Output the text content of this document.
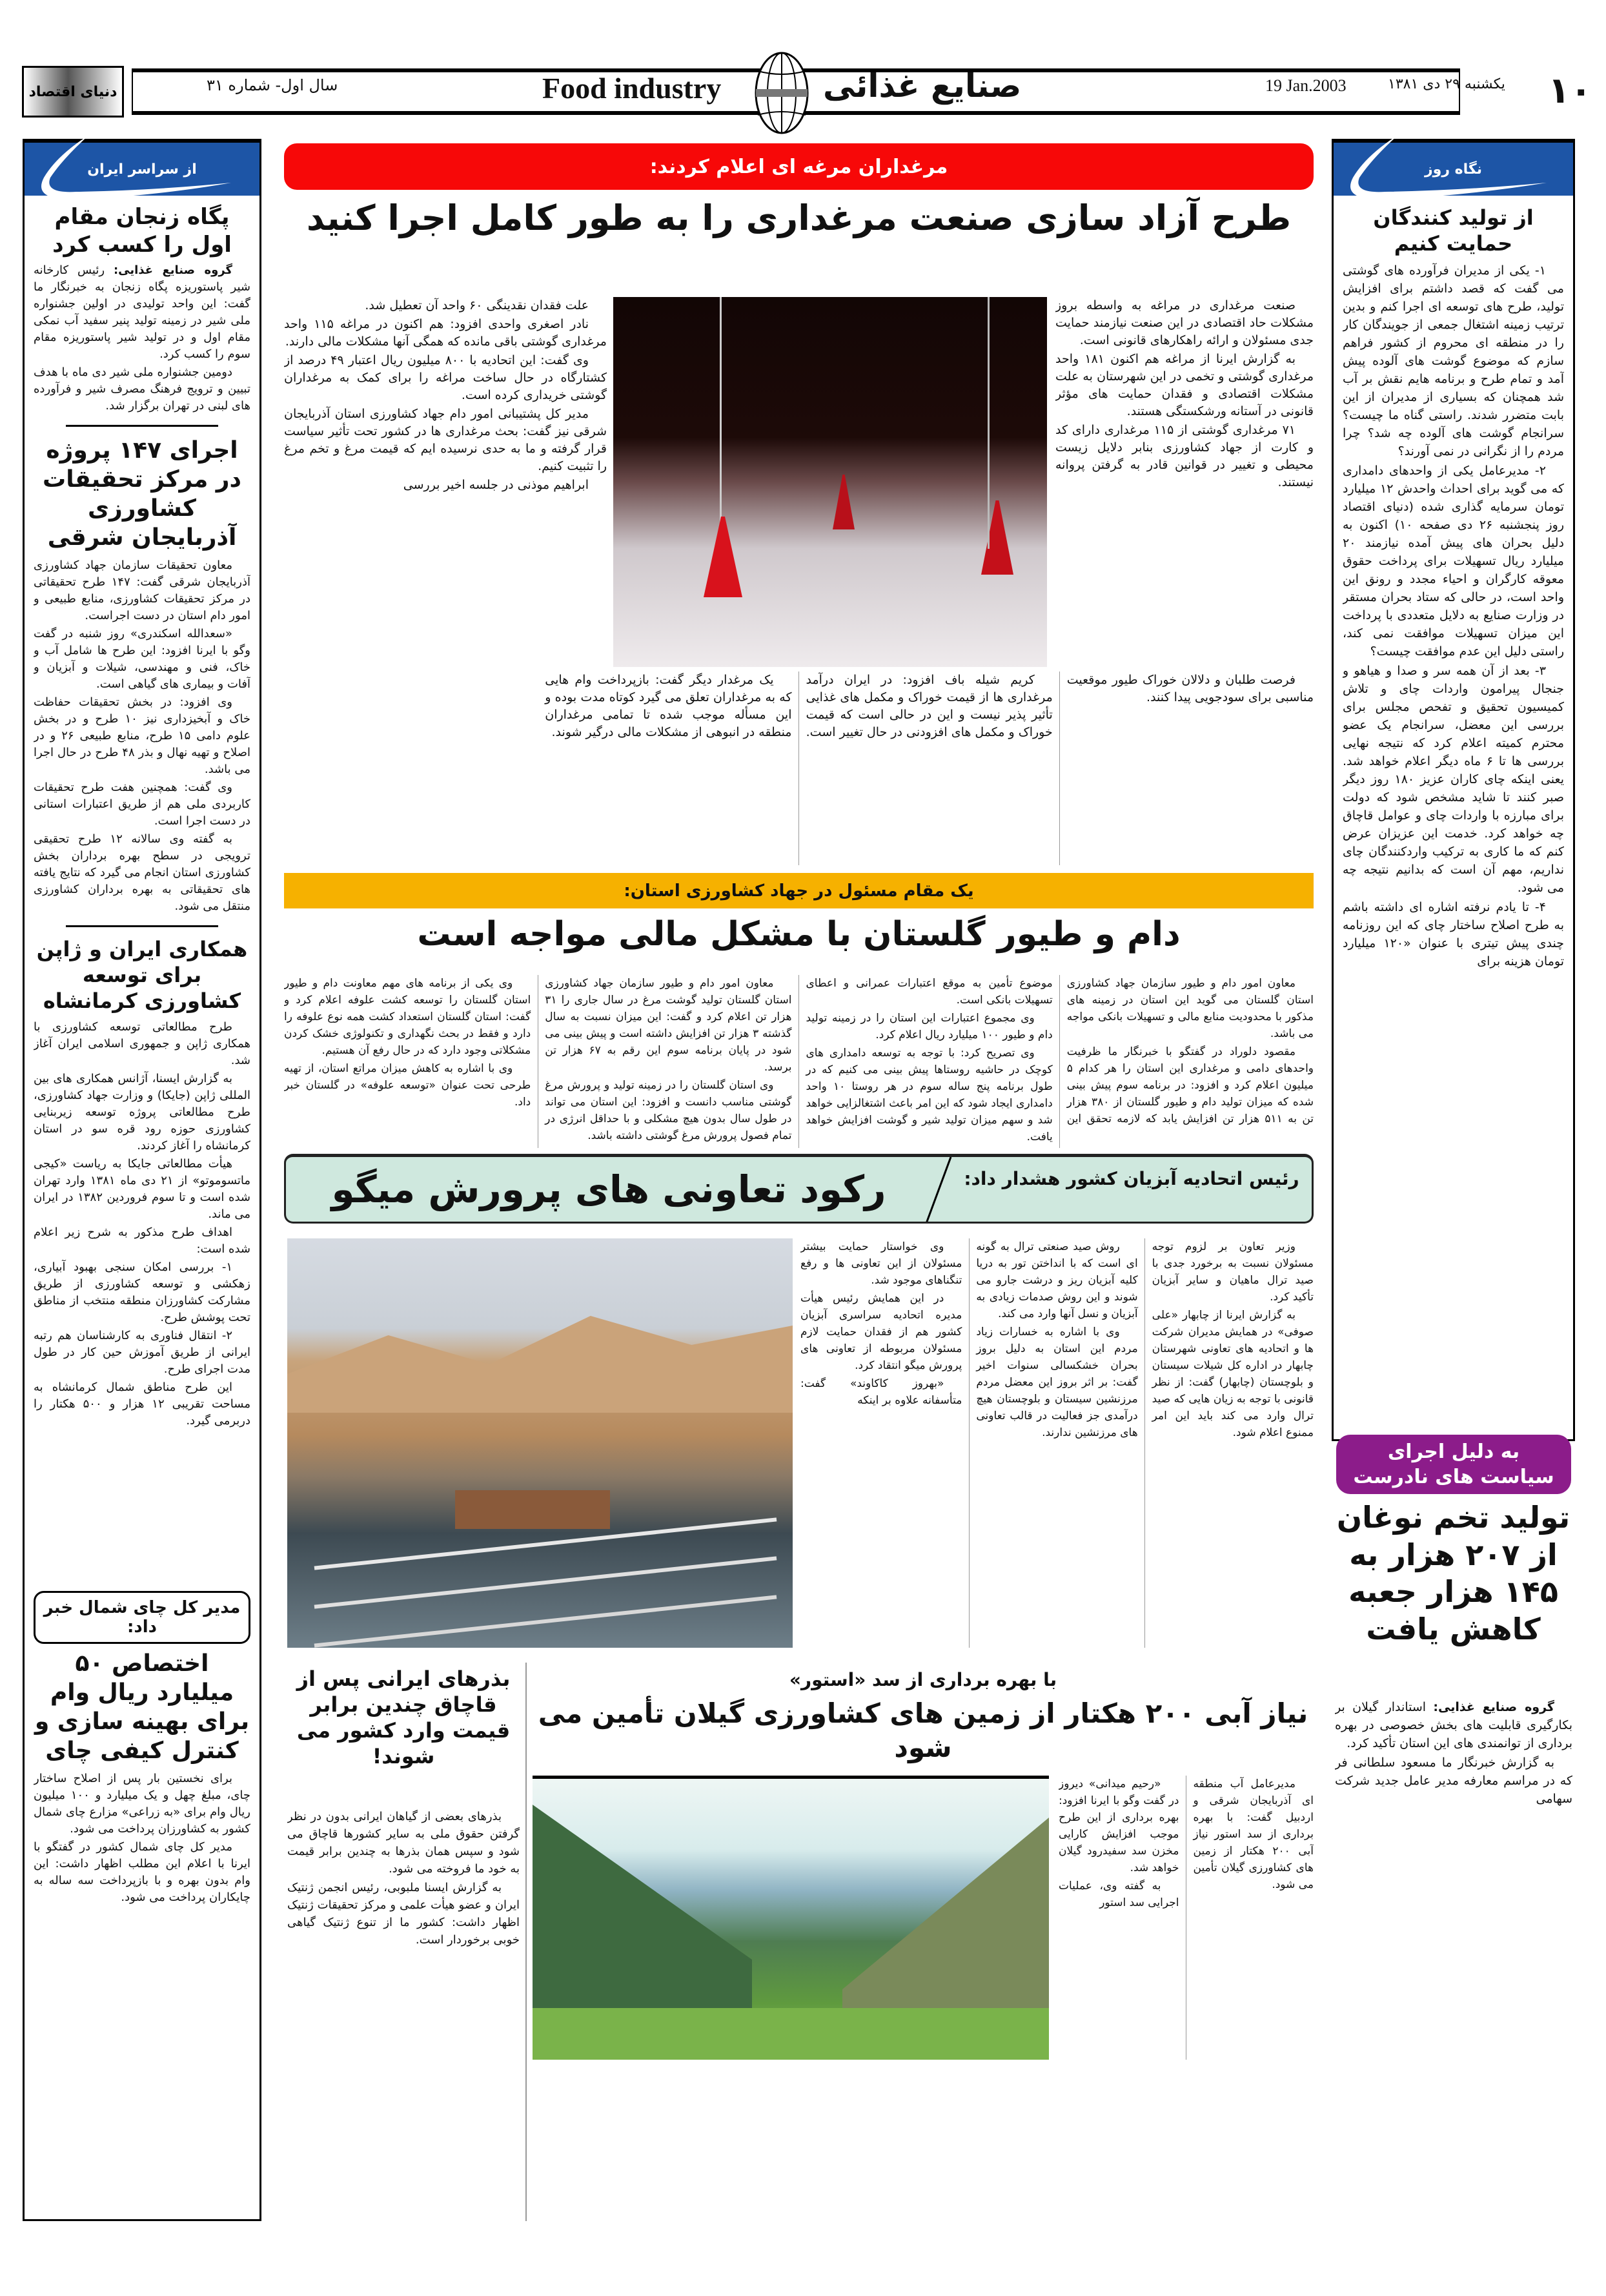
دنیای اقتصاد	سال اول- شماره ۳۱	Food industry	صنایع غذائی	19 Jan.2003	یکشنبه ۲۹ دی ۱۳۸۱ ۱۰
از سراسر ایران
پگاه زنجان مقام اول را کسب کرد

گروه صنایع غذایی: رئیس کارخانه شیر پاستوریزه پگاه زنجان به خبرنگار ما گفت: این واحد تولیدی در اولین جشنواره ملی شیر در زمینه تولید پنیر سفید آب نمکی مقام اول و در تولید شیر پاستوریزه مقام سوم را کسب کرد.

دومین جشنواره ملی شیر دی ماه با هدف تبیین و ترویج فرهنگ مصرف شیر و فرآورده های لبنی در تهران برگزار شد.

اجرای ۱۴۷ پروژه در مرکز تحقیقات کشاورزی آذربایجان شرقی

معاون تحقیقات سازمان جهاد کشاورزی آذربایجان شرقی گفت: ۱۴۷ طرح تحقیقاتی در مرکز تحقیقات کشاورزی، منابع طبیعی و امور دام استان در دست اجراست.

«سعدالله اسکندری» روز شنبه در گفت وگو با ایرنا افزود: این طرح ها شامل آب و خاک، فنی و مهندسی، شیلات و آبزیان و آفات و بیماری های گیاهی است.

وی افزود: در بخش تحقیقات حفاظت خاک و آبخیزداری نیز ۱۰ طرح و در بخش علوم دامی ۱۵ طرح، منابع طبیعی ۲۶ و در اصلاح و تهیه نهال و بذر ۴۸ طرح در حال اجرا می باشد.

وی گفت: همچنین هفت طرح تحقیقات کاربردی ملی هم از طریق اعتبارات استانی در دست اجرا است.

به گفته وی سالانه ۱۲ طرح تحقیقی ترویجی در سطح بهره برداران بخش کشاورزی استان انجام می گیرد که نتایج یافته های تحقیقاتی به بهره برداران کشاورزی منتقل می شود.

همکاری ایران و ژاپن برای توسعه کشاورزی کرمانشاه

طرح مطالعاتی توسعه کشاورزی با همکاری ژاپن و جمهوری اسلامی ایران آغاز شد.

به گزارش ایسنا، آژانس همکاری های بین المللی ژاپن (جایکا) و وزارت جهاد کشاورزی، طرح مطالعاتی پروژه توسعه زیربنایی کشاورزی حوزه رود قره سو در استان کرمانشاه را آغاز کردند.

هیأت مطالعاتی جایکا به ریاست «کیجی ماتسوموتو» از ۲۱ دی ماه ۱۳۸۱ وارد تهران شده است و تا سوم فروردین ۱۳۸۲ در ایران می ماند.

اهداف طرح مذکور به شرح زیر اعلام شده است:

۱- بررسی امکان سنجی بهبود آبیاری، زهکشی و توسعه کشاورزی از طریق مشارکت کشاورزان منطقه منتخب از مناطق تحت پوشش طرح.

۲- انتقال فناوری به کارشناسان هم رتبه ایرانی از طریق آموزش حین کار در طول مدت اجرای طرح.

این طرح مناطق شمال کرمانشاه به مساحت تقریبی ۱۲ هزار و ۵۰۰ هکتار را دربرمی گیرد.

مدیر کل چای شمال خبر داد:
اختصاص ۵۰ میلیارد ریال وام برای بهینه سازی و کنترل کیفی چای

برای نخستین بار پس از اصلاح ساختار چای، مبلغ چهل و یک میلیارد و ۱۰۰ میلیون ریال وام برای «به زراعی» مزارع چای شمال کشور به کشاورزان پرداخت می شود.

مدیر کل چای شمال کشور در گفتگو با ایرنا با اعلام این مطلب اظهار داشت: این وام بدون بهره و با بازپرداخت سه ساله به چایکاران پرداخت می شود.

نگاه روز
از تولید کنندگان حمایت کنیم

۱- یکی از مدیران فرآورده های گوشتی می گفت که قصد داشتم برای افزایش تولید، طرح های توسعه ای اجرا کنم و بدین ترتیب زمینه اشتغال جمعی از جویندگان کار را در منطقه ای محروم از کشور فراهم سازم که موضوع گوشت های آلوده پیش آمد و تمام طرح و برنامه هایم نقش بر آب شد همچنان که بسیاری از مدیران از این بابت متضرر شدند. راستی گناه ما چیست؟ سرانجام گوشت های آلوده چه شد؟ چرا مردم را از نگرانی در نمی آورند؟

۲- مدیرعامل یکی از واحدهای دامداری که می گوید برای احداث واحدش ۱۲ میلیارد تومان سرمایه گذاری شده (دنیای اقتصاد روز پنجشنبه ۲۶ دی صفحه ۱۰) اکنون به دلیل بحران های پیش آمده نیازمند ۲۰ میلیارد ریال تسهیلات برای پرداخت حقوق معوقه کارگران و احیاء مجدد و رونق این واحد است، در حالی که ستاد بحران مستقر در وزارت صنایع به دلایل متعددی با پرداخت این میزان تسهیلات موافقت نمی کند، راستی دلیل این عدم موافقت چیست؟

۳- بعد از آن همه سر و صدا و هیاهو و جنجال پیرامون واردات چای و تلاش کمیسیون تحقیق و تفحص مجلس برای بررسی این معضل، سرانجام یک عضو محترم کمیته اعلام کرد که نتیجه نهایی بررسی ها تا ۶ ماه دیگر اعلام خواهد شد. یعنی اینکه چای کاران عزیز ۱۸۰ روز دیگر صبر کنند تا شاید مشخص شود که دولت برای مبارزه با واردات چای و عوامل قاچاق چه خواهد کرد. خدمت این عزیزان عرض کنم که ما کاری به ترکیب واردکنندگان چای نداریم، مهم آن است که بدانیم نتیجه چه می شود.

۴- تا یادم نرفته اشاره ای داشته باشم به طرح اصلاح ساختار چای که این روزنامه چندی پیش تیتری با عنوان «۱۲۰ میلیارد تومان هزینه برای

به دلیل اجرای سیاست های نادرست
تولید تخم نوغان از ۲۰۷ هزار به ۱۴۵ هزار جعبه کاهش یافت

گروه صنایع غذایی: استاندار گیلان بر بکارگیری قابلیت های بخش خصوصی در بهره برداری از توانمندی های این استان تأکید کرد.

به گزارش خبرنگار ما مسعود سلطانی فر که در مراسم معارفه مدیر عامل جدید شرکت سهامی

مرغداران مرغه ای اعلام کردند:
طرح آزاد سازی صنعت مرغداری را به طور کامل اجرا کنید

صنعت مرغداری در مراغه به واسطه بروز مشکلات حاد اقتصادی در این صنعت نیازمند حمایت جدی مسئولان و ارائه راهکارهای قانونی است.

به گزارش ایرنا از مراغه هم اکنون ۱۸۱ واحد مرغداری گوشتی و تخمی در این شهرستان به علت مشکلات اقتصادی و فقدان حمایت های مؤثر قانونی در آستانه ورشکستگی هستند.

۷۱ مرغداری گوشتی از ۱۱۵ مرغداری دارای کد و کارت از جهاد کشاورزی بنابر دلایل زیست محیطی و تغییر در قوانین قادر به گرفتن پروانه نیستند.

علت فقدان نقدینگی ۶۰ واحد آن تعطیل شد.

نادر اصغری واحدی افزود: هم اکنون در مراغه ۱۱۵ واحد مرغداری گوشتی باقی مانده که همگی آنها مشکلات مالی دارند.

وی گفت: این اتحادیه با ۸۰۰ میلیون ریال اعتبار ۴۹ درصد از کشتارگاه در حال ساخت مراغه را برای کمک به مرغداران گوشتی خریداری کرده است.

مدیر کل پشتیبانی امور دام جهاد کشاورزی استان آذربایجان شرقی نیز گفت: بحث مرغداری ها در کشور تحت تأثیر سیاست قرار گرفته و ما به حدی نرسیده ایم که قیمت مرغ و تخم مرغ را تثبیت کنیم.

ابراهیم موذنی در جلسه اخیر بررسی

فرصت طلبان و دلالان خوراک طیور موقعیت مناسبی برای سودجویی پیدا کنند.

کریم شیله باف افزود: در ایران درآمد مرغداری ها از قیمت خوراک و مکمل های غذایی تأثیر پذیر نیست و این در حالی است که قیمت خوراک و مکمل های افزودنی در حال تغییر است.

یک مرغدار دیگر گفت: بازپرداخت وام هایی که به مرغداران تعلق می گیرد کوتاه مدت بوده و این مسأله موجب شده تا تمامی مرغداران منطقه در انبوهی از مشکلات مالی درگیر شوند.

یک مقام مسئول در جهاد کشاورزی استان:
دام و طیور گلستان با مشکل مالی مواجه است

معاون امور دام و طیور سازمان جهاد کشاورزی استان گلستان می گوید این استان در زمینه های مذکور با محدودیت منابع مالی و تسهیلات بانکی مواجه می باشد.

مقصود دلوراد در گفتگو با خبرنگار ما ظرفیت واحدهای دامی و مرغداری این استان را هر کدام ۵ میلیون اعلام کرد و افزود: در برنامه سوم پیش بینی شده که میزان تولید دام و طیور گلستان از ۳۸۰ هزار تن به ۵۱۱ هزار تن افزایش یابد که لازمه تحقق این موضوع تأمین به موقع اعتبارات عمرانی و اعطای تسهیلات بانکی است.

وی مجموع اعتبارات این استان را در زمینه تولید دام و طیور ۱۰۰ میلیارد ریال اعلام کرد.

وی تصریح کرد: با توجه به توسعه دامداری های کوچک در حاشیه روستاها پیش بینی می کنیم که در طول برنامه پنج ساله سوم در هر روستا ۱۰ واحد دامداری ایجاد شود که این امر باعث اشتغالزایی خواهد شد و سهم میزان تولید شیر و گوشت افزایش خواهد یافت.

معاون امور دام و طیور سازمان جهاد کشاورزی استان گلستان تولید گوشت مرغ در سال جاری را ۳۱ هزار تن اعلام کرد و گفت: این میزان نسبت به سال گذشته ۳ هزار تن افزایش داشته است و پیش بینی می شود در پایان برنامه سوم این رقم به ۶۷ هزار تن برسد.

وی استان گلستان را در زمینه تولید و پرورش مرغ گوشتی مناسب دانست و افزود: این استان می تواند در طول سال بدون هیچ مشکلی و با حداقل انرژی در تمام فصول پرورش مرغ گوشتی داشته باشد.

وی یکی از برنامه های مهم معاونت دام و طیور استان گلستان را توسعه کشت علوفه اعلام کرد و گفت: استان گلستان استعداد کشت همه نوع علوفه را دارد و فقط در بحث نگهداری و تکنولوژی خشک کردن مشکلاتی وجود دارد که در حال رفع آن هستیم.

وی با اشاره به کاهش میزان مراتع استان، از تهیه طرحی تحت عنوان «توسعه علوفه» در گلستان خبر داد.

رئیس اتحادیه آبزیان کشور هشدار داد:
رکود تعاونی های پرورش میگو

وزیر تعاون بر لزوم توجه مسئولان نسبت به برخورد جدی با صید ترال ماهیان و سایر آبزیان تأکید کرد.

به گزارش ایرنا از چابهار «علی صوفی» در همایش مدیران شرکت ها و اتحادیه های تعاونی شهرستان چابهار در اداره کل شیلات سیستان و بلوچستان (چابهار) گفت: از نظر قانونی با توجه به زیان هایی که صید ترال وارد می کند باید این امر ممنوع اعلام شود.

روش صید صنعتی ترال به گونه ای است که با انداختن تور به دریا کلیه آبزیان ریز و درشت جارو می شوند و این روش صدمات زیادی به آبزیان و نسل آنها وارد می کند.

وی با اشاره به خسارات زیاد مردم این استان به دلیل بروز بحران خشکسالی سنوات اخیر گفت: بر اثر بروز این معضل مردم مرزنشین سیستان و بلوچستان هیچ درآمدی جز فعالیت در قالب تعاونی های مرزنشین ندارند.

وی خواستار حمایت بیشتر مسئولان از این تعاونی ها و رفع تنگناهای موجود شد.

در این همایش رئیس هیأت مدیره اتحادیه سراسری آبزیان کشور هم از فقدان حمایت لازم مسئولان مربوطه از تعاونی های پرورش میگو انتقاد کرد.

«بهروز کاکاوند» گفت: متأسفانه علاوه بر اینکه

بذرهای ایرانی پس از قاچاق چندین برابر قیمت وارد کشور می شوند!

بذرهای بعضی از گیاهان ایرانی بدون در نظر گرفتن حقوق ملی به سایر کشورها قاچاق می شود و سپس همان بذرها به چندین برابر قیمت به خود ما فروخته می شود.

به گزارش ایسنا ملبوبی، رئیس انجمن ژنتیک ایران و عضو هیأت علمی و مرکز تحقیقات ژنتیک اظهار داشت: کشور ما از تنوع ژنتیک گیاهی خوبی برخوردار است.

با بهره برداری از سد «استور»
نیاز آبی ۲۰۰ هکتار از زمین های کشاورزی گیلان تأمین می شود

مدیرعامل آب منطقه ای آذربایجان شرقی و اردبیل گفت: با بهره برداری از سد استور نیاز آبی ۲۰۰ هکتار از زمین های کشاورزی گیلان تأمین می شود.

«رحیم میدانی» دیروز در گفت وگو با ایرنا افزود: بهره برداری از این طرح موجب افزایش کارایی مخزن سد سفیدرود گیلان خواهد شد.

به گفته وی، عملیات اجرایی سد استور
